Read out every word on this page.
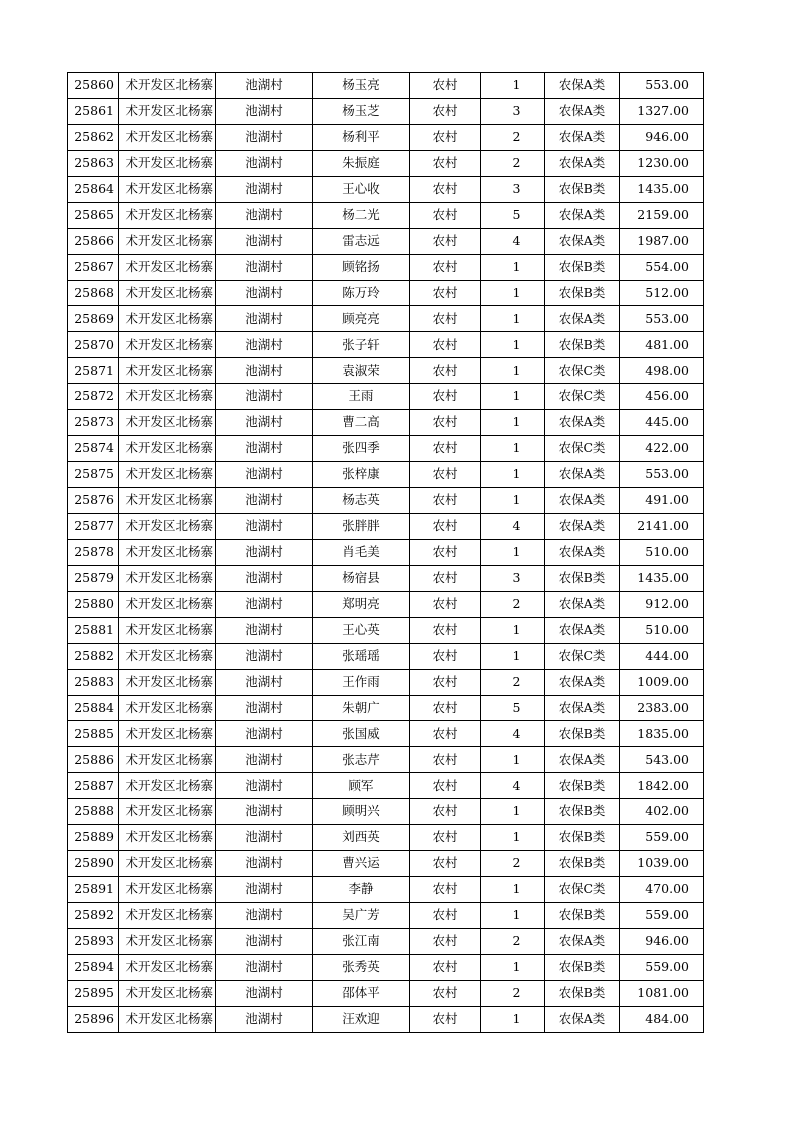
25860	术开发区北杨寨	池湖村	杨玉亮	农村	1	农保A类	553.00
25861	术开发区北杨寨	池湖村	杨玉芝	农村	3	农保A类	1327.00
25862	术开发区北杨寨	池湖村	杨利平	农村	2	农保A类	946.00
25863	术开发区北杨寨	池湖村	朱振庭	农村	2	农保A类	1230.00
25864	术开发区北杨寨	池湖村	王心收	农村	3	农保B类	1435.00
25865	术开发区北杨寨	池湖村	杨二光	农村	5	农保A类	2159.00
25866	术开发区北杨寨	池湖村	雷志远	农村	4	农保A类	1987.00
25867	术开发区北杨寨	池湖村	顾铭扬	农村	1	农保B类	554.00
25868	术开发区北杨寨	池湖村	陈万玲	农村	1	农保B类	512.00
25869	术开发区北杨寨	池湖村	顾亮亮	农村	1	农保A类	553.00
25870	术开发区北杨寨	池湖村	张子轩	农村	1	农保B类	481.00
25871	术开发区北杨寨	池湖村	袁淑荣	农村	1	农保C类	498.00
25872	术开发区北杨寨	池湖村	王雨	农村	1	农保C类	456.00
25873	术开发区北杨寨	池湖村	曹二高	农村	1	农保A类	445.00
25874	术开发区北杨寨	池湖村	张四季	农村	1	农保C类	422.00
25875	术开发区北杨寨	池湖村	张梓康	农村	1	农保A类	553.00
25876	术开发区北杨寨	池湖村	杨志英	农村	1	农保A类	491.00
25877	术开发区北杨寨	池湖村	张胖胖	农村	4	农保A类	2141.00
25878	术开发区北杨寨	池湖村	肖毛美	农村	1	农保A类	510.00
25879	术开发区北杨寨	池湖村	杨宿县	农村	3	农保B类	1435.00
25880	术开发区北杨寨	池湖村	郑明亮	农村	2	农保A类	912.00
25881	术开发区北杨寨	池湖村	王心英	农村	1	农保A类	510.00
25882	术开发区北杨寨	池湖村	张瑶瑶	农村	1	农保C类	444.00
25883	术开发区北杨寨	池湖村	王作雨	农村	2	农保A类	1009.00
25884	术开发区北杨寨	池湖村	朱朝广	农村	5	农保A类	2383.00
25885	术开发区北杨寨	池湖村	张国威	农村	4	农保B类	1835.00
25886	术开发区北杨寨	池湖村	张志芹	农村	1	农保A类	543.00
25887	术开发区北杨寨	池湖村	顾军	农村	4	农保B类	1842.00
25888	术开发区北杨寨	池湖村	顾明兴	农村	1	农保B类	402.00
25889	术开发区北杨寨	池湖村	刘西英	农村	1	农保B类	559.00
25890	术开发区北杨寨	池湖村	曹兴运	农村	2	农保B类	1039.00
25891	术开发区北杨寨	池湖村	李静	农村	1	农保C类	470.00
25892	术开发区北杨寨	池湖村	吴广芳	农村	1	农保B类	559.00
25893	术开发区北杨寨	池湖村	张江南	农村	2	农保A类	946.00
25894	术开发区北杨寨	池湖村	张秀英	农村	1	农保B类	559.00
25895	术开发区北杨寨	池湖村	邵体平	农村	2	农保B类	1081.00
25896	术开发区北杨寨	池湖村	汪欢迎	农村	1	农保A类	484.00
